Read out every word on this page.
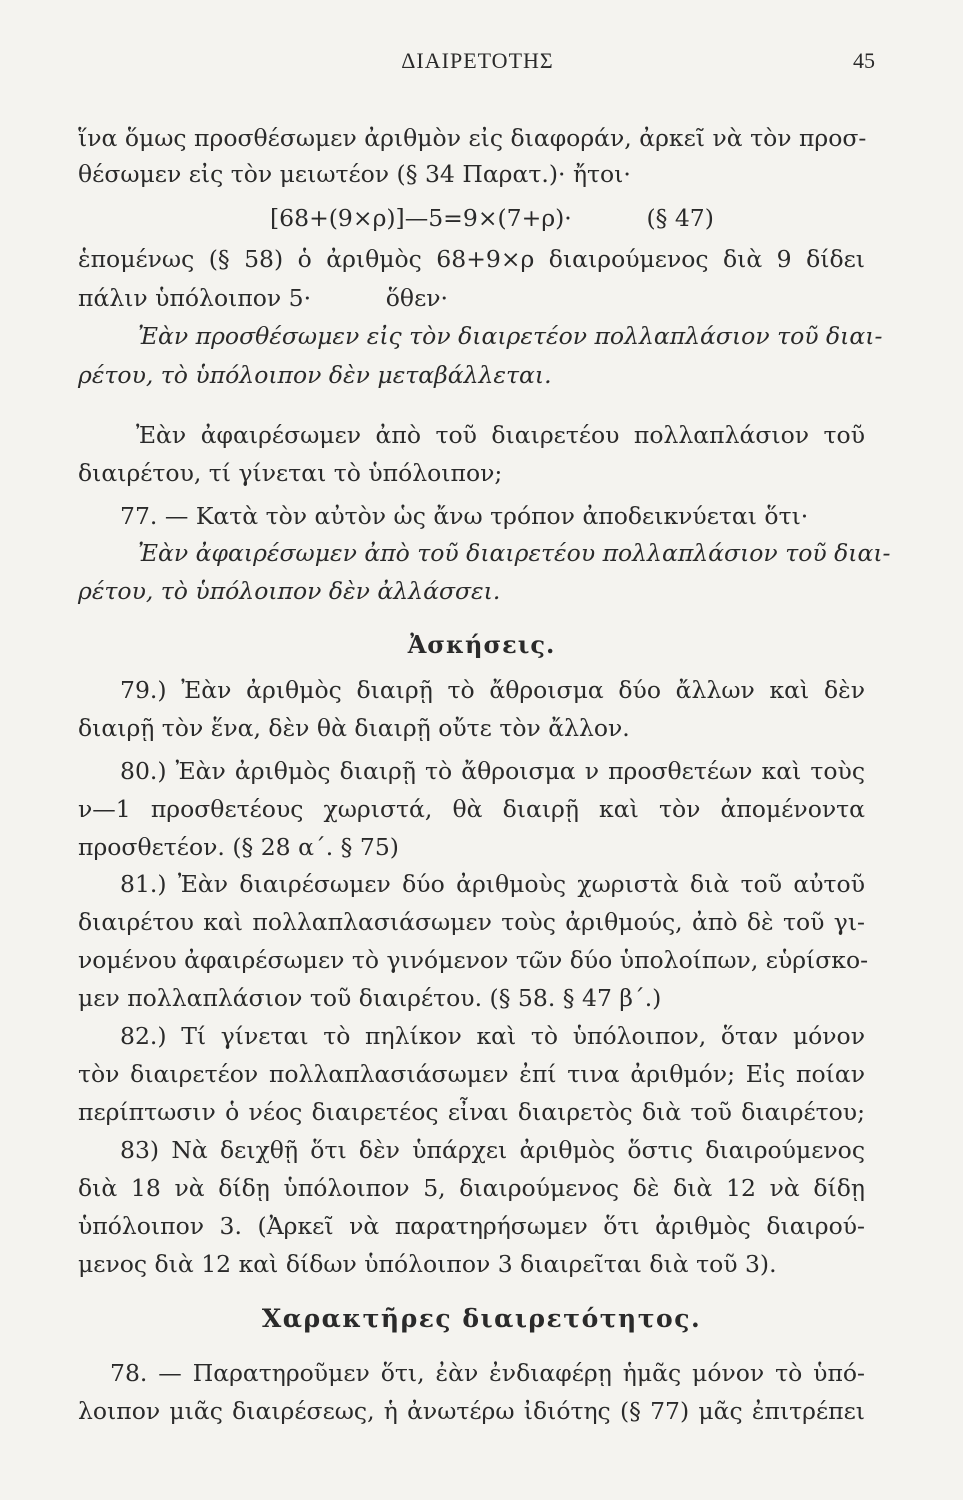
ΔΙΑΙΡΕΤΟΤΗΣ	45
ἵνα ὅμως προσθέσωμεν ἀριθμὸν εἰς διαφοράν, ἀρκεῖ νὰ τὸν προσ-
θέσωμεν εἰς τὸν μειωτέον (§ 34 Παρατ.)· ἤτοι·
[68+(9×ρ)]—5=9×(7+ρ)·          (§ 47)
ἑπομένως (§ 58) ὁ ἀριθμὸς 68+9×ρ διαιρούμενος διὰ 9 δίδει
πάλιν ὑπόλοιπον 5·          ὅθεν·
Ἐὰν προσθέσωμεν εἰς τὸν διαιρετέον πολλαπλάσιον τοῦ διαι-
ρέτου, τὸ ὑπόλοιπον δὲν μεταβάλλεται.
Ἐὰν ἀφαιρέσωμεν ἀπὸ τοῦ διαιρετέου πολλαπλάσιον τοῦ
διαιρέτου, τί γίνεται τὸ ὑπόλοιπον;
77. — Κατὰ τὸν αὐτὸν ὡς ἄνω τρόπον ἀποδεικνύεται ὅτι·
Ἐὰν ἀφαιρέσωμεν ἀπὸ τοῦ διαιρετέου πολλαπλάσιον τοῦ διαι-
ρέτου, τὸ ὑπόλοιπον δὲν ἀλλάσσει.
Ἀσκήσεις.
79.) Ἐὰν ἀριθμὸς διαιρῇ τὸ ἄθροισμα δύο ἄλλων καὶ δὲν
διαιρῇ τὸν ἕνα, δὲν θὰ διαιρῇ οὔτε τὸν ἄλλον.
80.) Ἐὰν ἀριθμὸς διαιρῇ τὸ ἄθροισμα ν προσθετέων καὶ τοὺς
ν—1 προσθετέους χωριστά, θὰ διαιρῇ καὶ τὸν ἀπομένοντα
προσθετέον. (§ 28 α΄. § 75)
81.) Ἐὰν διαιρέσωμεν δύο ἀριθμοὺς χωριστὰ διὰ τοῦ αὐτοῦ
διαιρέτου καὶ πολλαπλασιάσωμεν τοὺς ἀριθμούς, ἀπὸ δὲ τοῦ γι-
νομένου ἀφαιρέσωμεν τὸ γινόμενον τῶν δύο ὑπολοίπων, εὑρίσκο-
μεν πολλαπλάσιον τοῦ διαιρέτου. (§ 58. § 47 β΄.)
82.) Τί γίνεται τὸ πηλίκον καὶ τὸ ὑπόλοιπον, ὅταν μόνον
τὸν διαιρετέον πολλαπλασιάσωμεν ἐπί τινα ἀριθμόν; Εἰς ποίαν
περίπτωσιν ὁ νέος διαιρετέος εἶναι διαιρετὸς διὰ τοῦ διαιρέτου;
83) Νὰ δειχθῇ ὅτι δὲν ὑπάρχει ἀριθμὸς ὅστις διαιρούμενος
διὰ 18 νὰ δίδῃ ὑπόλοιπον 5, διαιρούμενος δὲ διὰ 12 νὰ δίδῃ
ὑπόλοιπον 3. (Ἀρκεῖ νὰ παρατηρήσωμεν ὅτι ἀριθμὸς διαιρού-
μενος διὰ 12 καὶ δίδων ὑπόλοιπον 3 διαιρεῖται διὰ τοῦ 3).
Χαρακτῆρες διαιρετότητος.
78. — Παρατηροῦμεν ὅτι, ἐὰν ἐνδιαφέρῃ ἡμᾶς μόνον τὸ ὑπό-
λοιπον μιᾶς διαιρέσεως, ἡ ἀνωτέρω ἰδιότης (§ 77) μᾶς ἐπιτρέπει
